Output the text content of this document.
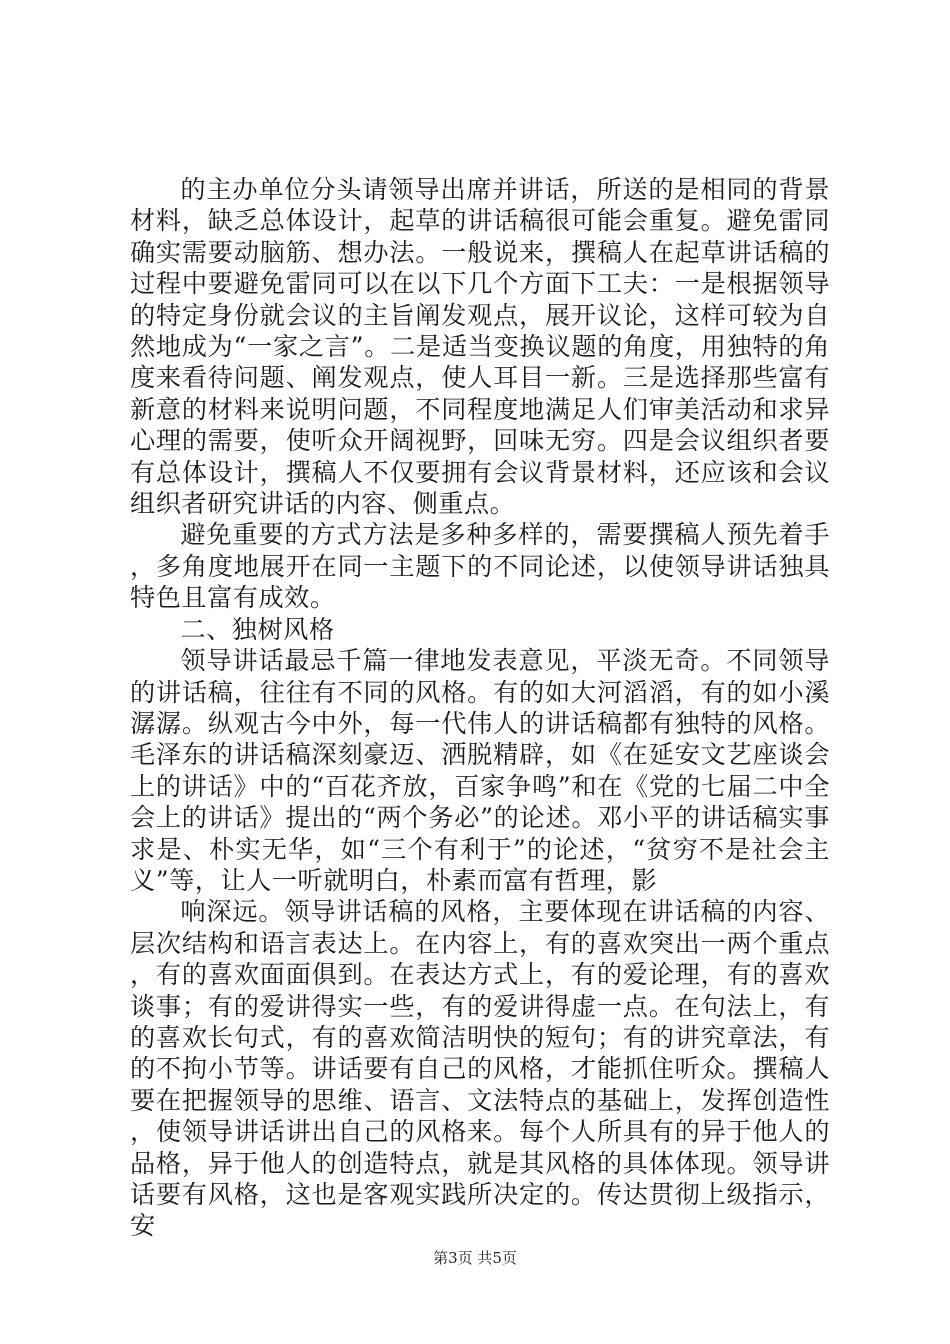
的主办单位分头请领导出席并讲话，所送的是相同的背景材料，缺乏总体设计，起草的讲话稿很可能会重复。避免雷同确实需要动脑筋、想办法。一般说来，撰稿人在起草讲话稿的过程中要避免雷同可以在以下几个方面下工夫：一是根据领导的特定身份就会议的主旨阐发观点，展开议论，这样可较为自然地成为“一家之言”。二是适当变换议题的角度，用独特的角度来看待问题、阐发观点，使人耳目一新。三是选择那些富有新意的材料来说明问题，不同程度地满足人们审美活动和求异心理的需要，使听众开阔视野，回味无穷。四是会议组织者要有总体设计，撰稿人不仅要拥有会议背景材料，还应该和会议组织者研究讲话的内容、侧重点。

避免重要的方式方法是多种多样的，需要撰稿人预先着手，多角度地展开在同一主题下的不同论述，以使领导讲话独具特色且富有成效。

二、独树风格

领导讲话最忌千篇一律地发表意见，平淡无奇。不同领导的讲话稿，往往有不同的风格。有的如大河滔滔，有的如小溪潺潺。纵观古今中外，每一代伟人的讲话稿都有独特的风格。毛泽东的讲话稿深刻豪迈、洒脱精辟，如《在延安文艺座谈会上的讲话》中的“百花齐放，百家争鸣”和在《党的七届二中全会上的讲话》提出的“两个务必”的论述。邓小平的讲话稿实事求是、朴实无华，如“三个有利于”的论述，“贫穷不是社会主义”等，让人一听就明白，朴素而富有哲理，影

响深远。领导讲话稿的风格，主要体现在讲话稿的内容、层次结构和语言表达上。在内容上，有的喜欢突出一两个重点，有的喜欢面面俱到。在表达方式上，有的爱论理，有的喜欢谈事；有的爱讲得实一些，有的爱讲得虚一点。在句法上，有的喜欢长句式，有的喜欢简洁明快的短句；有的讲究章法，有的不拘小节等。讲话要有自己的风格，才能抓住听众。撰稿人要在把握领导的思维、语言、文法特点的基础上，发挥创造性，使领导讲话讲出自己的风格来。每个人所具有的异于他人的品格，异于他人的创造特点，就是其风格的具体体现。领导讲话要有风格，这也是客观实践所决定的。传达贯彻上级指示，安

第3页 共5页
